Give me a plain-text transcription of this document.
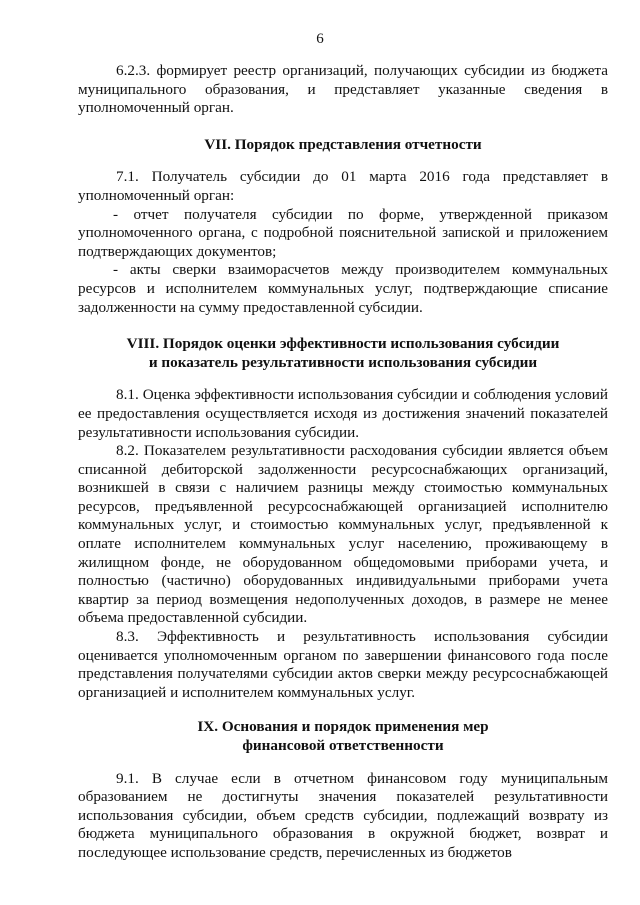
6

6.2.3. формирует реестр организаций, получающих субсидии из бюджета муниципального образования, и представляет указанные сведения в уполномоченный орган.

VII. Порядок представления отчетности

7.1. Получатель субсидии до 01 марта 2016 года представляет в уполномоченный орган:

- отчет получателя субсидии по форме, утвержденной приказом уполномоченного органа, с подробной пояснительной запиской и приложением подтверждающих документов;

- акты сверки взаиморасчетов между производителем коммунальных ресурсов и исполнителем коммунальных услуг, подтверждающие списание задолженности на сумму предоставленной субсидии.

VIII. Порядок оценки эффективности использования субсидии
и показатель результативности использования субсидии

8.1. Оценка эффективности использования субсидии и соблюдения условий ее предоставления осуществляется исходя из достижения значений показателей результативности использования субсидии.

8.2. Показателем результативности расходования субсидии является объем списанной дебиторской задолженности ресурсоснабжающих организаций, возникшей в связи с наличием разницы между стоимостью коммунальных ресурсов, предъявленной ресурсоснабжающей организацией исполнителю коммунальных услуг, и стоимостью коммунальных услуг, предъявленной к оплате исполнителем коммунальных услуг населению, проживающему в жилищном фонде, не оборудованном общедомовыми приборами учета, и полностью (частично) оборудованных индивидуальными приборами учета квартир за период возмещения недополученных доходов, в размере не менее объема предоставленной субсидии.

8.3. Эффективность и результативность использования субсидии оценивается уполномоченным органом по завершении финансового года после представления получателями субсидии актов сверки между ресурсоснабжающей организацией и исполнителем коммунальных услуг.

IX. Основания и порядок применения мер
финансовой ответственности

9.1. В случае если в отчетном финансовом году муниципальным образованием не достигнуты значения показателей результативности использования субсидии, объем средств субсидии, подлежащий возврату из бюджета муниципального образования в окружной бюджет, возврат и последующее использование средств, перечисленных из бюджетов
